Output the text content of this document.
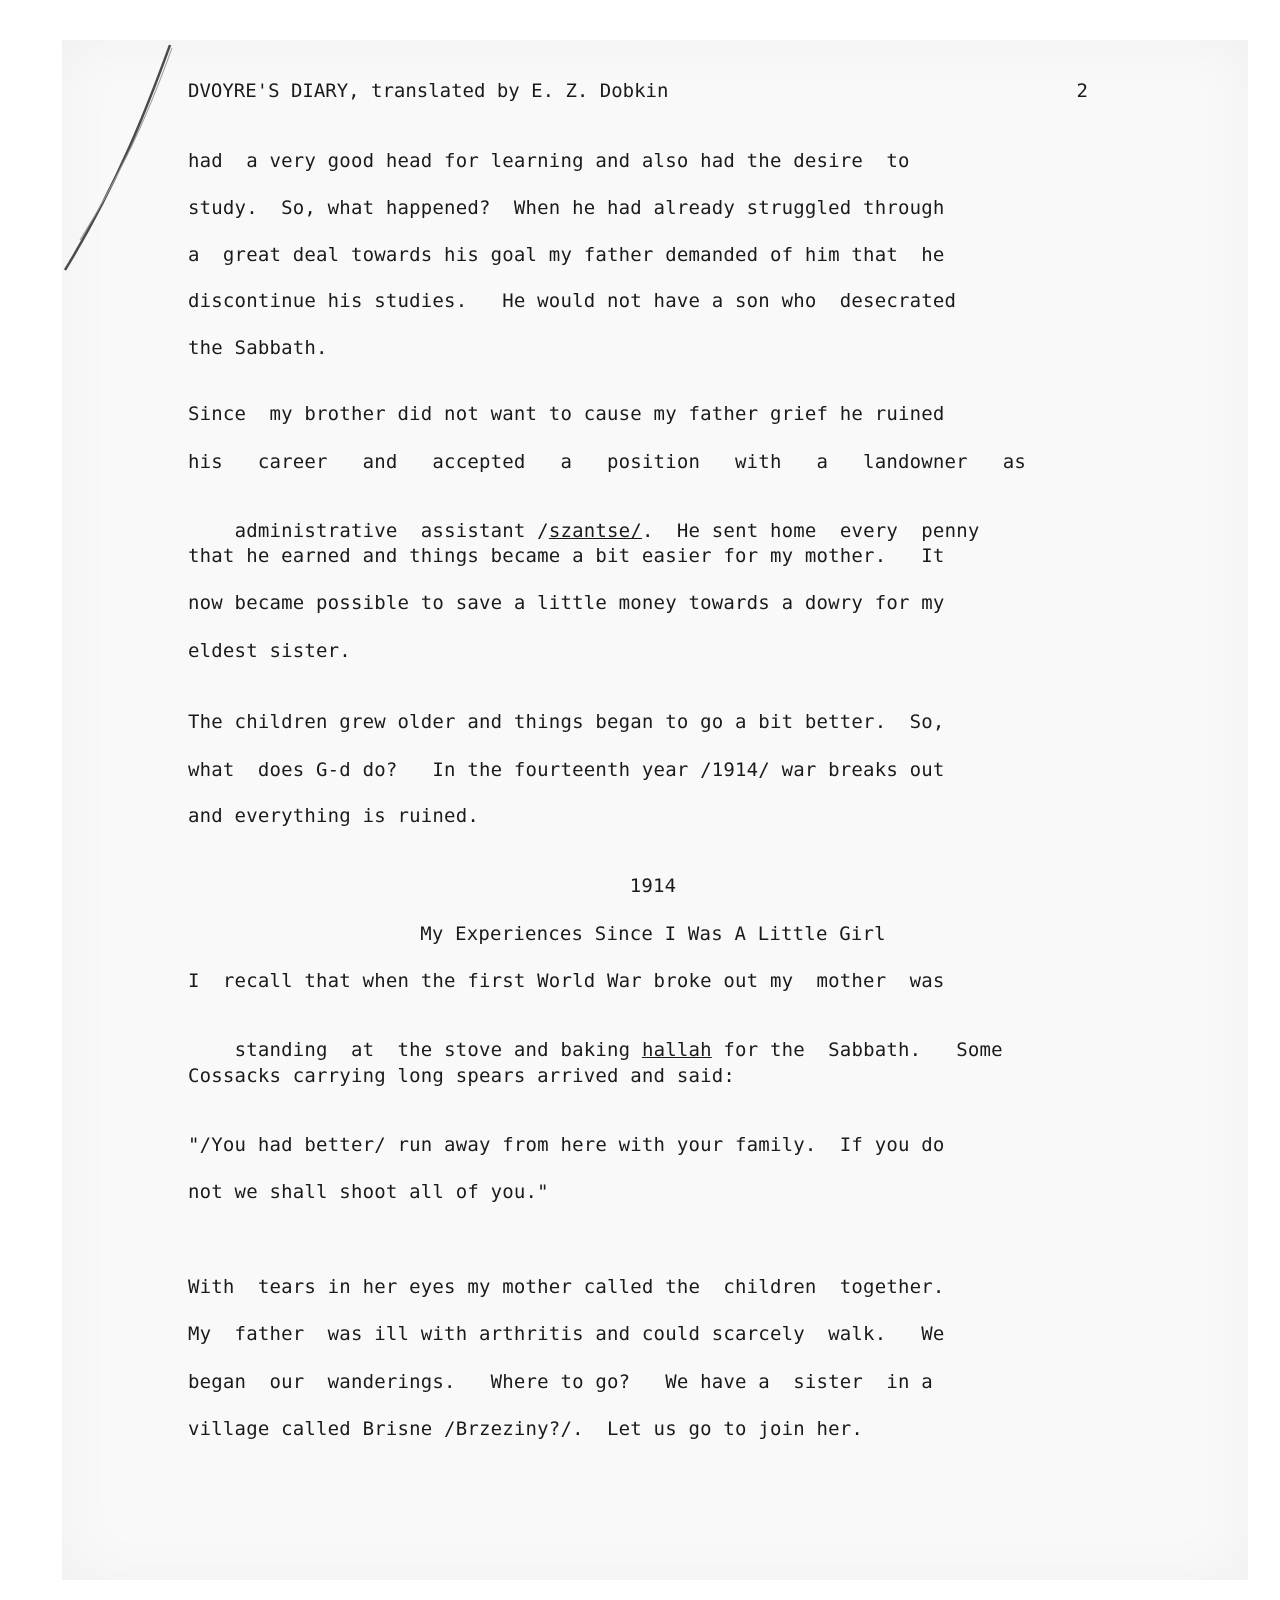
DVOYRE'S DIARY, translated by E. Z. Dobkin	2
had  a very good head for learning and also had the desire  to
study.  So, what happened?  When he had already struggled through
a  great deal towards his goal my father demanded of him that  he
discontinue his studies.   He would not have a son who  desecrated
the Sabbath.
Since  my brother did not want to cause my father grief he ruined
his   career   and   accepted   a   position   with   a   landowner   as

administrative  assistant /szantse/.  He sent home  every  penny

that he earned and things became a bit easier for my mother.   It
now became possible to save a little money towards a dowry for my
eldest sister.
The children grew older and things began to go a bit better.  So,
what  does G-d do?   In the fourteenth year /1914/ war breaks out
and everything is ruined.
1914
My Experiences Since I Was A Little Girl
I  recall that when the first World War broke out my  mother  was

standing  at  the stove and baking hallah for the  Sabbath.   Some

Cossacks carrying long spears arrived and said:
"/You had better/ run away from here with your family.  If you do
not we shall shoot all of you."
With  tears in her eyes my mother called the  children  together.
My  father  was ill with arthritis and could scarcely  walk.   We
began  our  wanderings.   Where to go?   We have a  sister  in a
village called Brisne /Brzeziny?/.  Let us go to join her.
